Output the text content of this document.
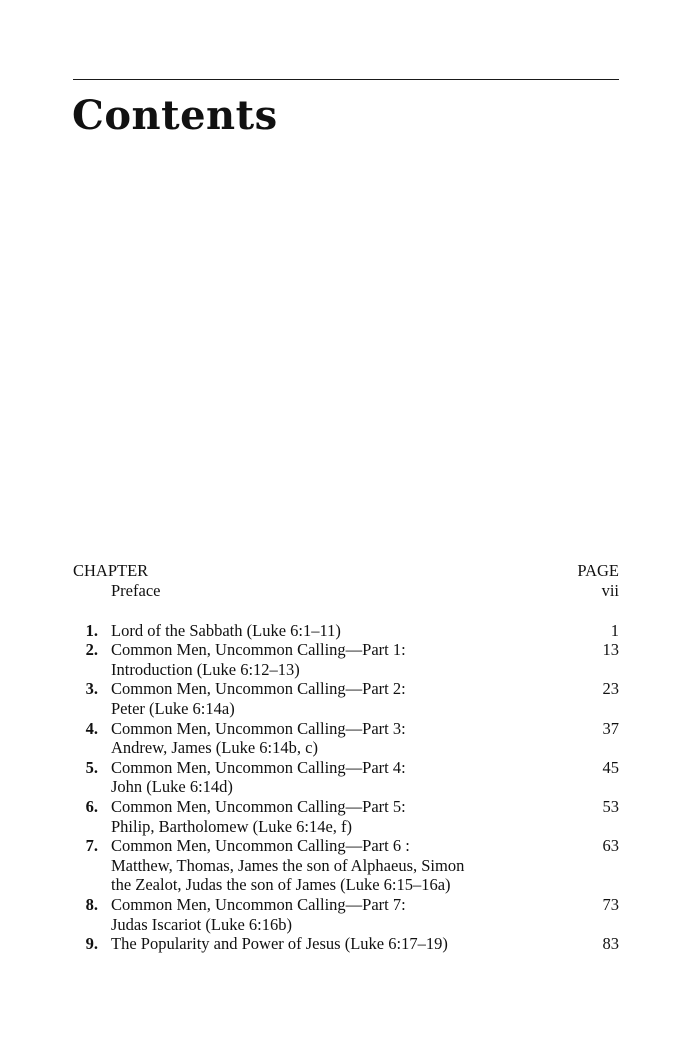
Contents
CHAPTER	PAGE
Preface	vii
1. Lord of the Sabbath (Luke 6:1–11)	1
2. Common Men, Uncommon Calling—Part 1:	13
Introduction (Luke 6:12–13)
3. Common Men, Uncommon Calling—Part 2:	23
Peter (Luke 6:14a)
4. Common Men, Uncommon Calling—Part 3:	37
Andrew, James (Luke 6:14b, c)
5. Common Men, Uncommon Calling—Part 4:	45
John (Luke 6:14d)
6. Common Men, Uncommon Calling—Part 5:	53
Philip, Bartholomew (Luke 6:14e, f)
7. Common Men, Uncommon Calling—Part 6 :	63
Matthew, Thomas, James the son of Alphaeus, Simon
the Zealot, Judas the son of James (Luke 6:15–16a)
8. Common Men, Uncommon Calling—Part 7:	73
Judas Iscariot (Luke 6:16b)
9. The Popularity and Power of Jesus (Luke 6:17–19)	83
